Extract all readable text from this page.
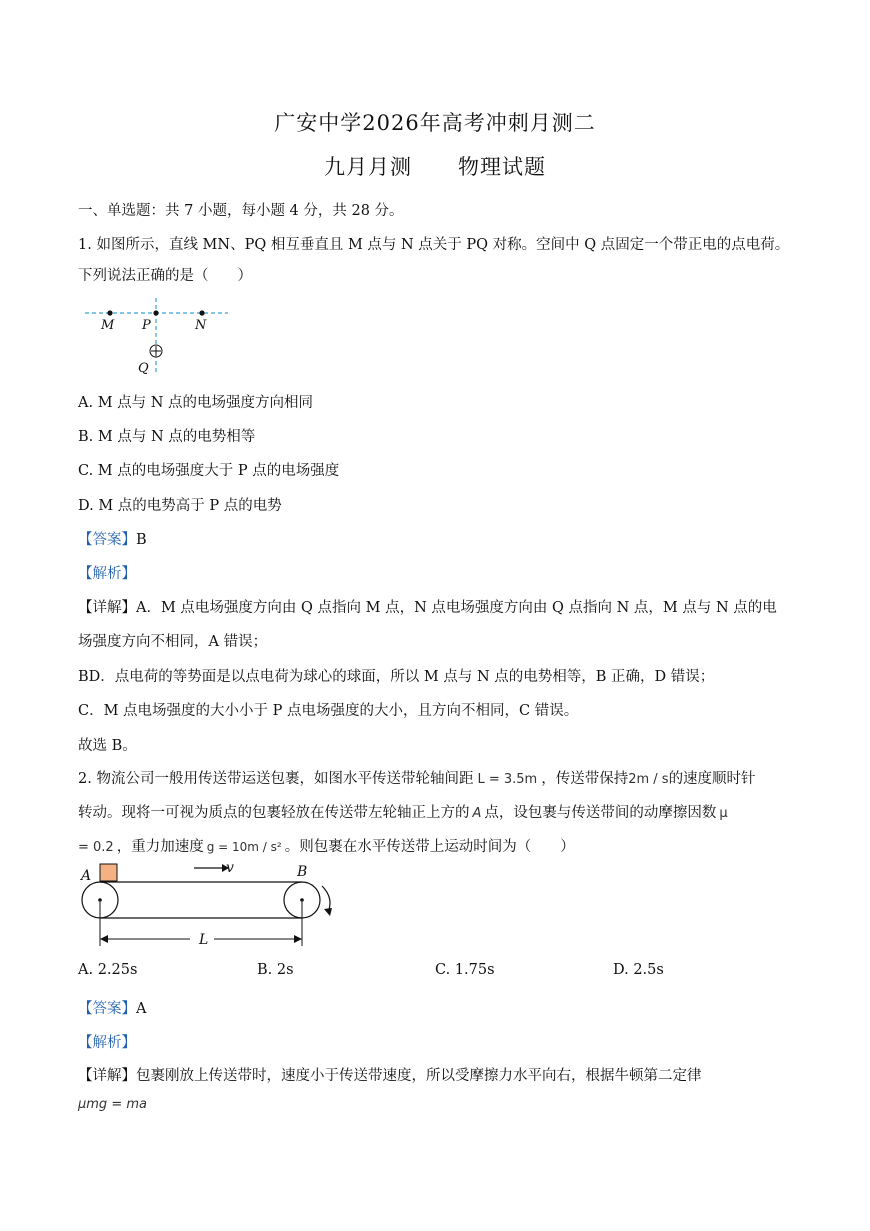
广安中学2026年高考冲刺月测二
九月月测      物理试题
一、单选题：共 7 小题，每小题 4 分，共 28 分。
1. 如图所示，直线 MN、PQ 相互垂直且 M 点与 N 点关于 PQ 对称。空间中 Q 点固定一个带正电的点电荷。
下列说法正确的是（　　）
M P	N
Q
A. M 点与 N 点的电场强度方向相同
B. M 点与 N 点的电势相等
C. M 点的电场强度大于 P 点的电场强度
D. M 点的电势高于 P 点的电势
【答案】B
【解析】
【详解】A．M 点电场强度方向由 Q 点指向 M 点，N 点电场强度方向由 Q 点指向 N 点，M 点与 N 点的电
场强度方向不相同，A 错误；
BD．点电荷的等势面是以点电荷为球心的球面，所以 M 点与 N 点的电势相等，B 正确，D 错误；
C．M 点电场强度的大小小于 P 点电场强度的大小，且方向不相同，C 错误。
故选 B。
2. 物流公司一般用传送带运送包裹，如图水平传送带轮轴间距 L = 3.5m ，传送带保持2m / s的速度顺时针
转动。现将一可视为质点的包裹轻放在传送带左轮轴正上方的 A 点，设包裹与传送带间的动摩擦因数 μ
= 0.2 ，重力加速度 g = 10m / s² 。则包裹在水平传送带上运动时间为（　　）
A	B
v
L
A. 2.25s	B. 2s	C. 1.75s	D. 2.5s
【答案】A
【解析】
【详解】包裹刚放上传送带时，速度小于传送带速度，所以受摩擦力水平向右，根据牛顿第二定律
μmg = ma
